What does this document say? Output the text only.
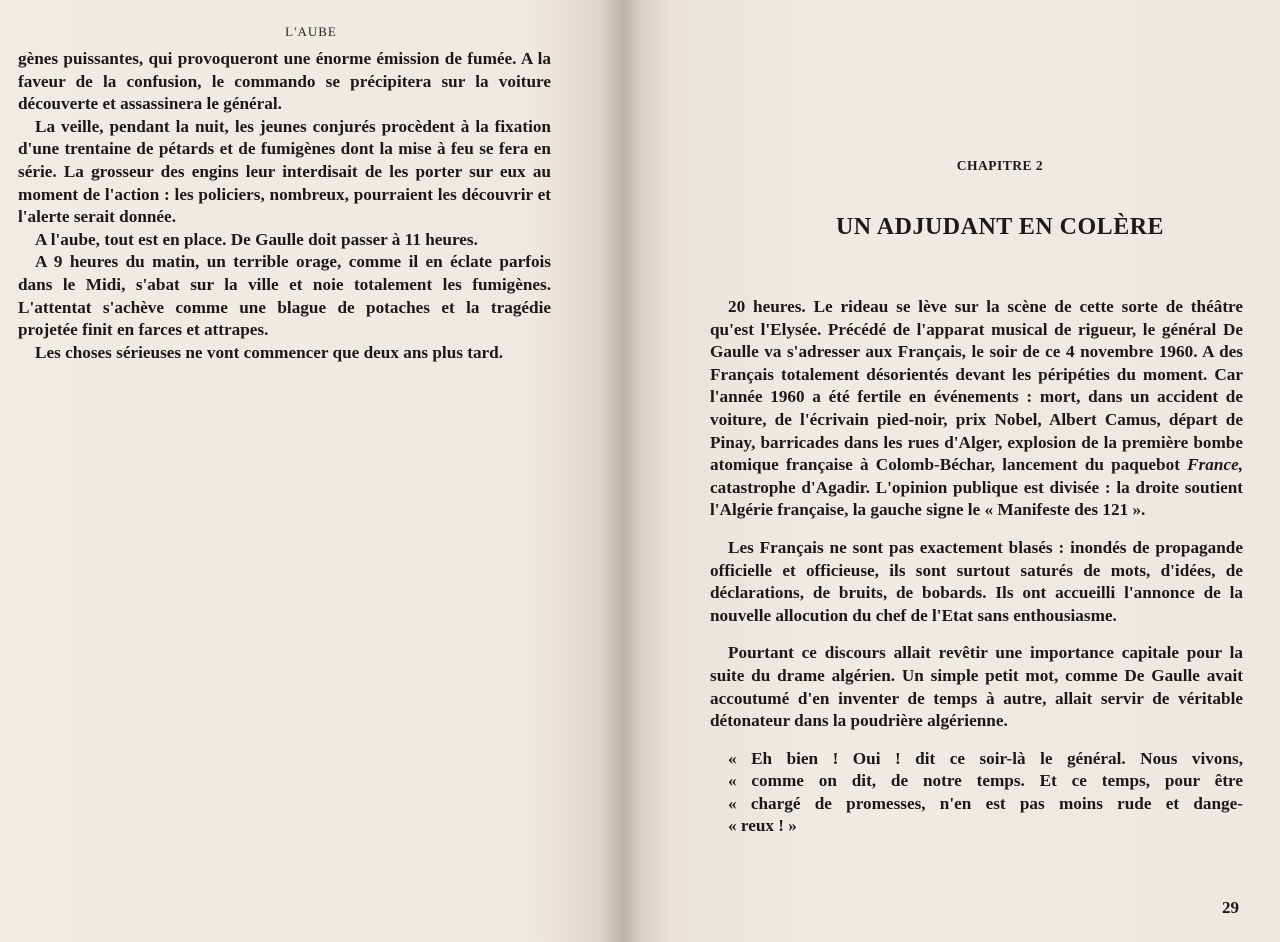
L'AUBE

gènes puissantes, qui provoqueront une énorme émission de fumée. A la faveur de la confusion, le commando se précipitera sur la voiture découverte et assassinera le général.

La veille, pendant la nuit, les jeunes conjurés procèdent à la fixation d'une trentaine de pétards et de fumigènes dont la mise à feu se fera en série. La grosseur des engins leur interdisait de les porter sur eux au moment de l'action : les policiers, nombreux, pourraient les découvrir et l'alerte serait donnée.

A l'aube, tout est en place. De Gaulle doit passer à 11 heures.

A 9 heures du matin, un terrible orage, comme il en éclate parfois dans le Midi, s'abat sur la ville et noie totalement les fumigènes. L'attentat s'achève comme une blague de potaches et la tragédie projetée finit en farces et attrapes.

Les choses sérieuses ne vont commencer que deux ans plus tard.

CHAPITRE 2
UN ADJUDANT EN COLÈRE

20 heures. Le rideau se lève sur la scène de cette sorte de théâtre qu'est l'Elysée. Précédé de l'apparat musical de rigueur, le général De Gaulle va s'adresser aux Français, le soir de ce 4 novembre 1960. A des Français totalement désorientés devant les péripéties du moment. Car l'année 1960 a été fertile en événements : mort, dans un accident de voiture, de l'écrivain pied-noir, prix Nobel, Albert Camus, départ de Pinay, barricades dans les rues d'Alger, explosion de la première bombe atomique française à Colomb-Béchar, lancement du paquebot France, catastrophe d'Agadir. L'opinion publique est divisée : la droite soutient l'Algérie française, la gauche signe le « Manifeste des 121 ».

Les Français ne sont pas exactement blasés : inondés de propagande officielle et officieuse, ils sont surtout saturés de mots, d'idées, de déclarations, de bruits, de bobards. Ils ont accueilli l'annonce de la nouvelle allocution du chef de l'Etat sans enthousiasme.

Pourtant ce discours allait revêtir une importance capitale pour la suite du drame algérien. Un simple petit mot, comme De Gaulle avait accoutumé d'en inventer de temps à autre, allait servir de véritable détonateur dans la poudrière algérienne.

« Eh bien ! Oui ! dit ce soir-là le général. Nous vivons,
« comme on dit, de notre temps. Et ce temps, pour être
« chargé de promesses, n'en est pas moins rude et dange-
« reux ! »
29
